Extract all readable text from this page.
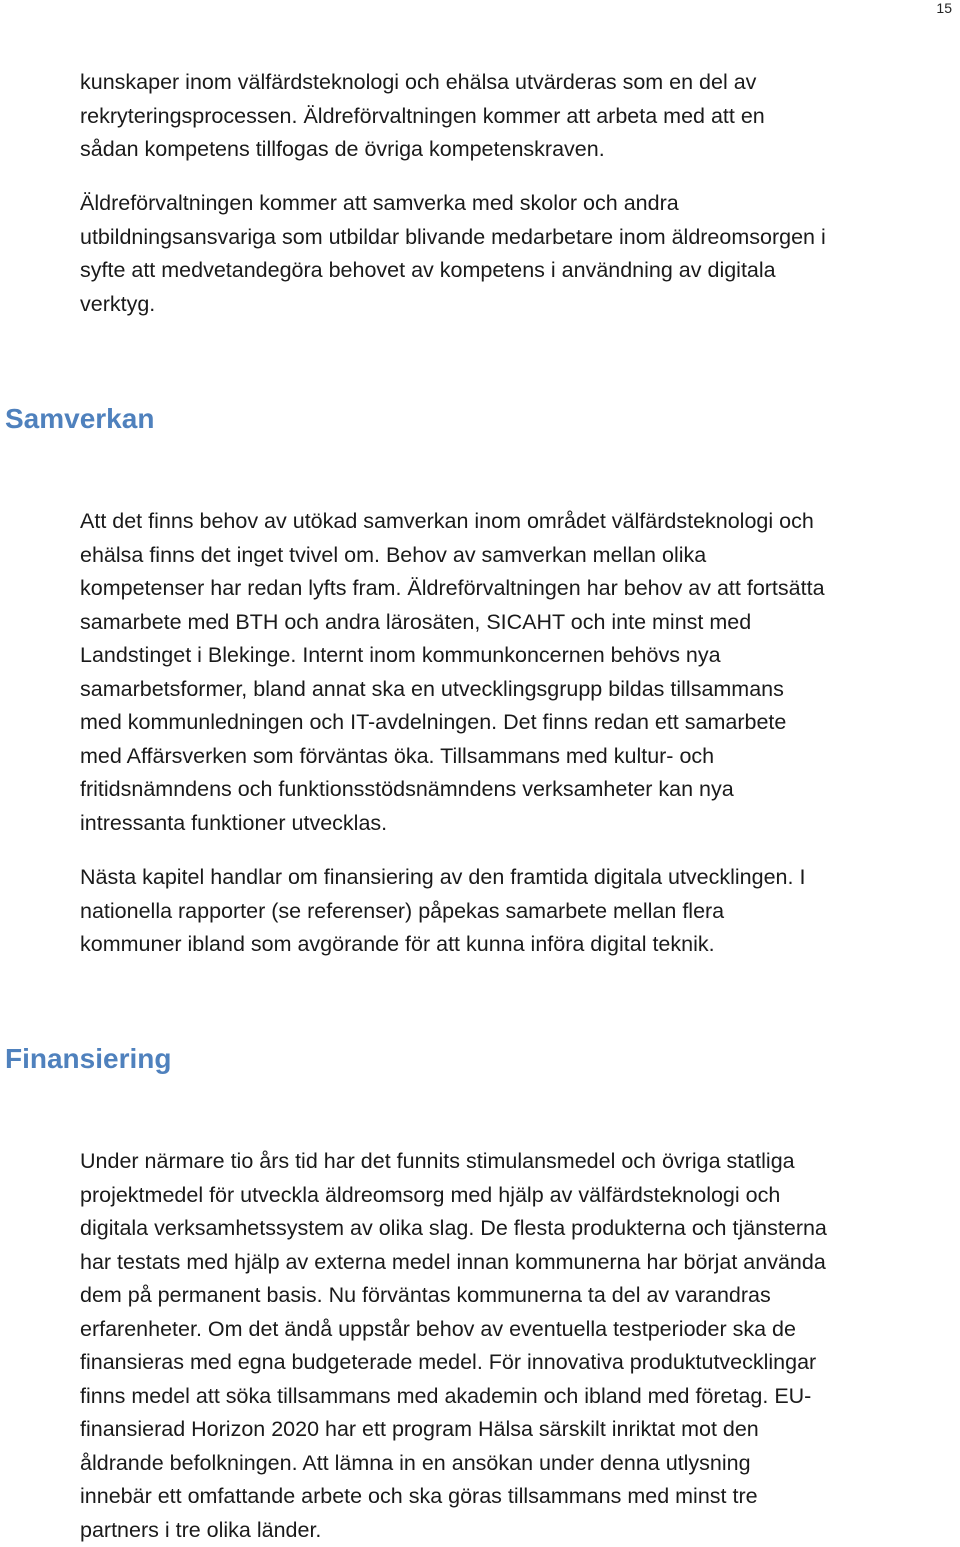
15

kunskaper inom välfärdsteknologi och ehälsa utvärderas som en del av
rekryteringsprocessen. Äldreförvaltningen kommer att arbeta med att en
sådan kompetens tillfogas de övriga kompetenskraven.

Äldreförvaltningen kommer att samverka med skolor och andra
utbildningsansvariga som utbildar blivande medarbetare inom äldreomsorgen i
syfte att medvetandegöra behovet av kompetens i användning av digitala
verktyg.

Samverkan

Att det finns behov av utökad samverkan inom området välfärdsteknologi och
ehälsa finns det inget tvivel om. Behov av samverkan mellan olika
kompetenser har redan lyfts fram. Äldreförvaltningen har behov av att fortsätta
samarbete med BTH och andra lärosäten, SICAHT och inte minst med
Landstinget i Blekinge. Internt inom kommunkoncernen behövs nya
samarbetsformer, bland annat ska en utvecklingsgrupp bildas tillsammans
med kommunledningen och IT-avdelningen. Det finns redan ett samarbete
med Affärsverken som förväntas öka. Tillsammans med kultur- och
fritidsnämndens och funktionsstödsnämndens verksamheter kan nya
intressanta funktioner utvecklas.

Nästa kapitel handlar om finansiering av den framtida digitala utvecklingen. I
nationella rapporter (se referenser) påpekas samarbete mellan flera
kommuner ibland som avgörande för att kunna införa digital teknik.

Finansiering

Under närmare tio års tid har det funnits stimulansmedel och övriga statliga
projektmedel för utveckla äldreomsorg med hjälp av välfärdsteknologi och
digitala verksamhetssystem av olika slag. De flesta produkterna och tjänsterna
har testats med hjälp av externa medel innan kommunerna har börjat använda
dem på permanent basis. Nu förväntas kommunerna ta del av varandras
erfarenheter. Om det ändå uppstår behov av eventuella testperioder ska de
finansieras med egna budgeterade medel. För innovativa produktutvecklingar
finns medel att söka tillsammans med akademin och ibland med företag. EU-
finansierad Horizon 2020 har ett program Hälsa särskilt inriktat mot den
åldrande befolkningen. Att lämna in en ansökan under denna utlysning
innebär ett omfattande arbete och ska göras tillsammans med minst tre
partners i tre olika länder.
